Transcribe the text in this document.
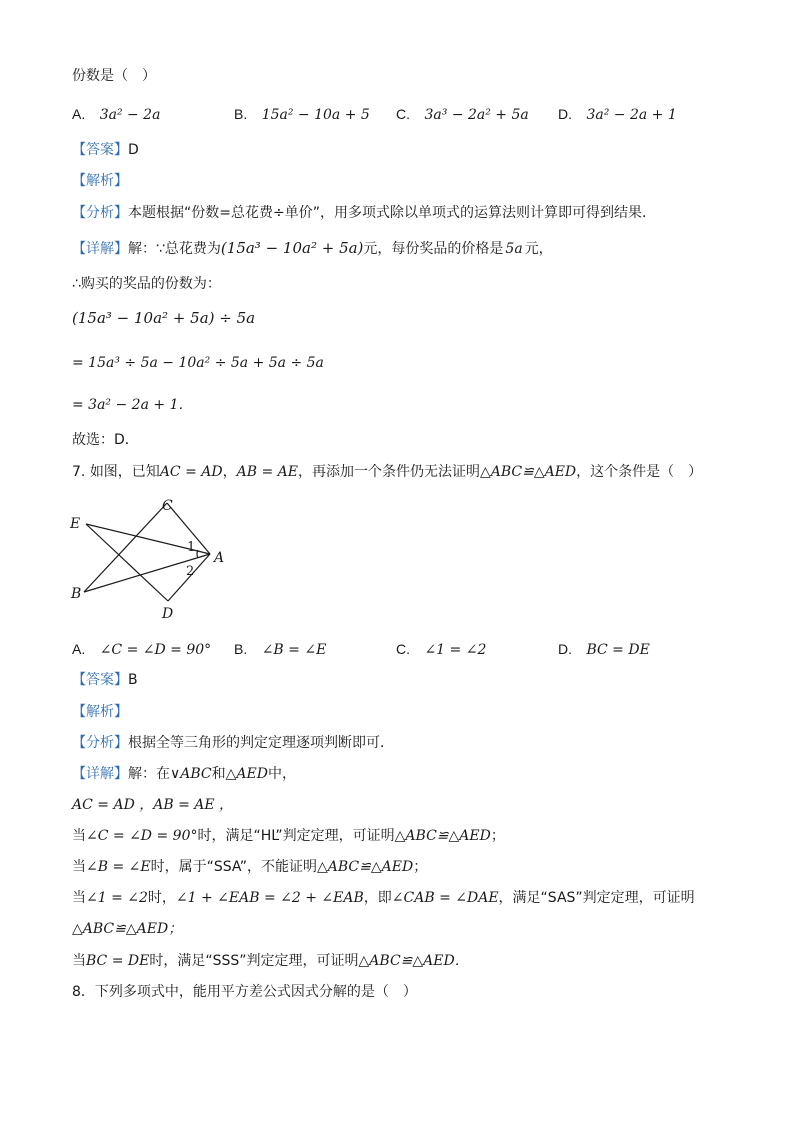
份数是（　）
A. 3a² − 2a	B. 15a² − 10a + 5 C. 3a³ − 2a² + 5a D. 3a² − 2a + 1
【答案】D
【解析】
【分析】本题根据“份数=总花费÷单价”，用多项式除以单项式的运算法则计算即可得到结果．
【详解】解：∵总花费为(15a³ − 10a² + 5a)元，每份奖品的价格是 5a 元，
∴购买的奖品的份数为：
(15a³ − 10a² + 5a) ÷ 5a
= 15a³ ÷ 5a − 10a² ÷ 5a + 5a ÷ 5a
= 3a² − 2a + 1．
故选：D．
7. 如图，已知AC = AD，AB = AE，再添加一个条件仍无法证明△ABC≌△AED，这个条件是（　）
C
E
A
B
D
1
2
A. ∠C = ∠D = 90° B. ∠B = ∠E	C. ∠1 = ∠2	D. BC = DE
【答案】B
【解析】
【分析】根据全等三角形的判定定理逐项判断即可．
【详解】解：在∨ABC和△AED中，
AC = AD ，AB = AE ，
当∠C = ∠D = 90°时，满足“HL”判定定理，可证明△ABC≌△AED；
当∠B = ∠E时，属于“SSA”，不能证明△ABC≌△AED；
当∠1 = ∠2时，∠1 + ∠EAB = ∠2 + ∠EAB，即∠CAB = ∠DAE，满足“SAS”判定定理，可证明
△ABC≌△AED；
当BC = DE时，满足“SSS”判定定理，可证明△ABC≌△AED．
8．下列多项式中，能用平方差公式因式分解的是（　）
